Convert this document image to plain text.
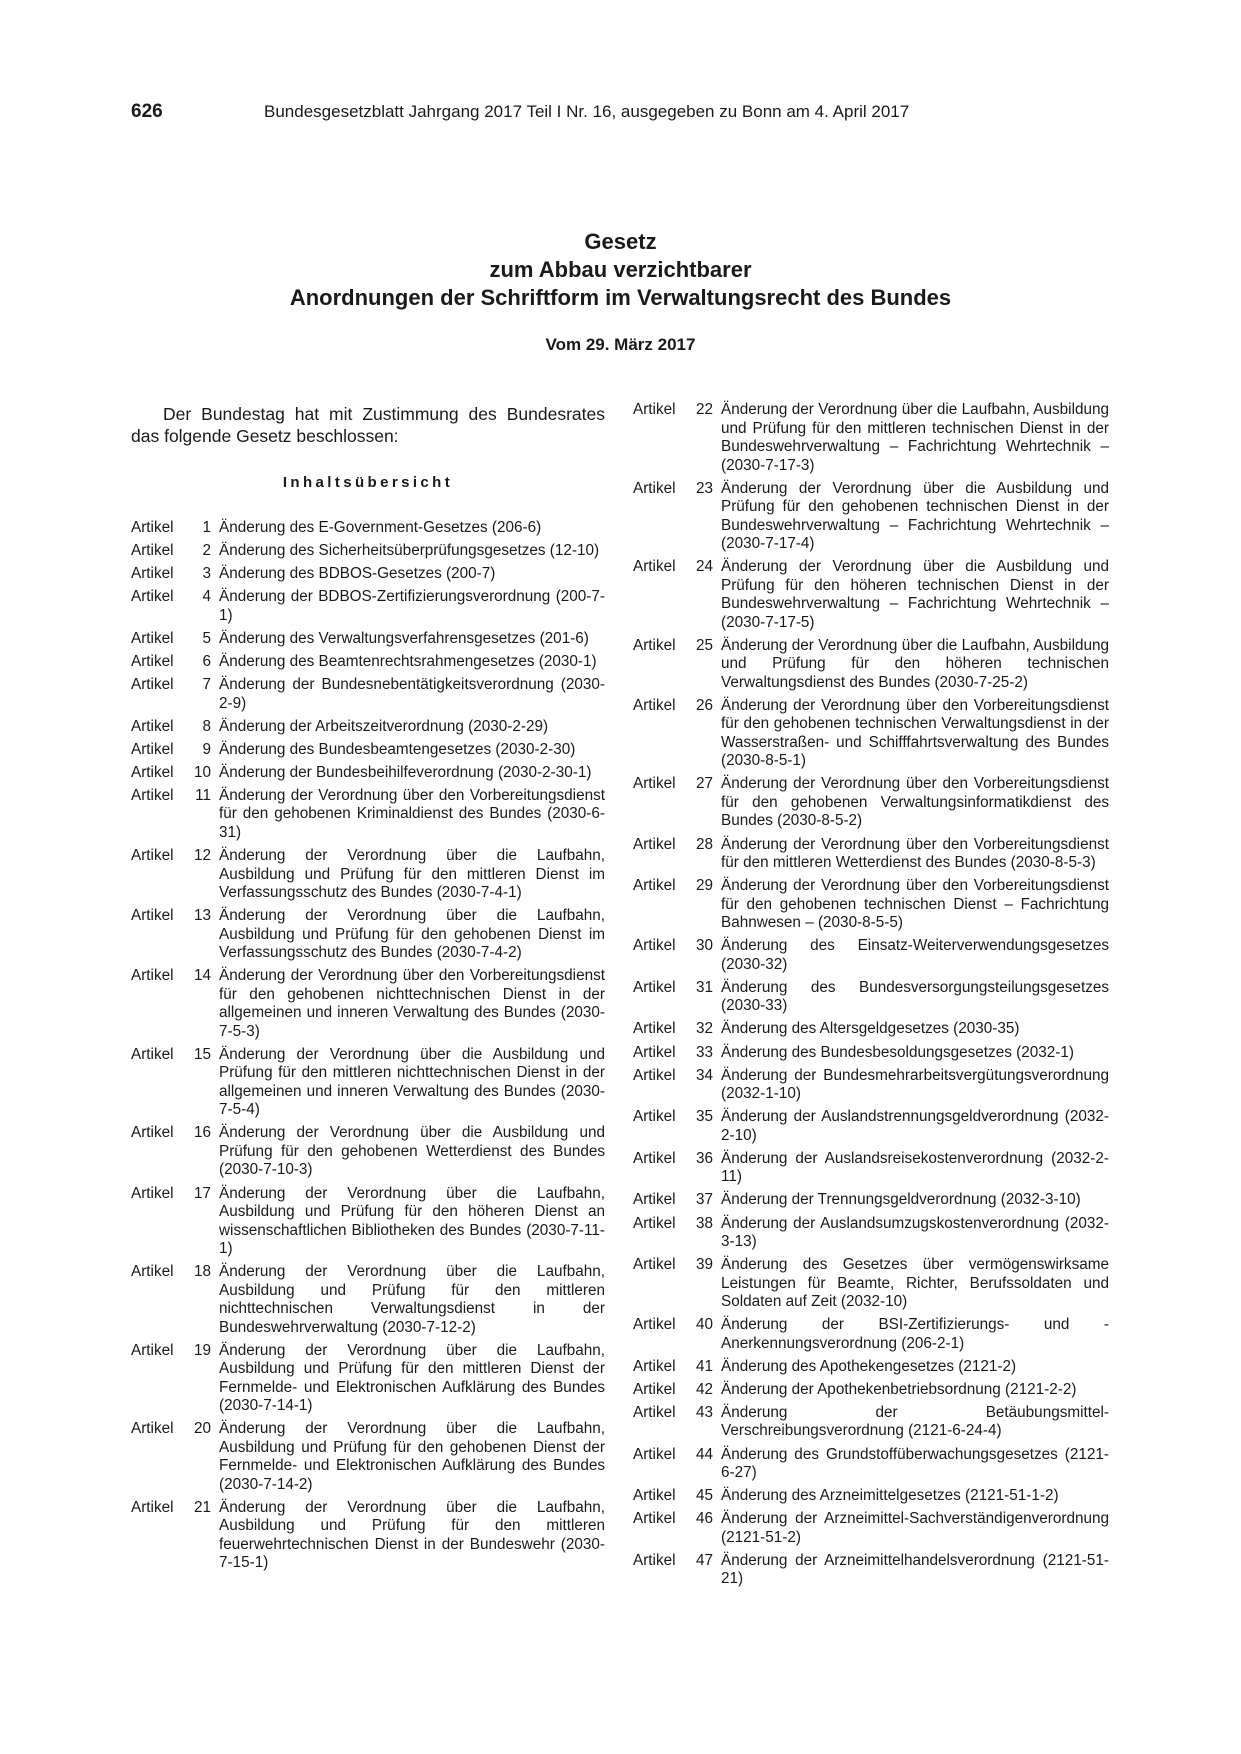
626	Bundesgesetzblatt Jahrgang 2017 Teil I Nr. 16, ausgegeben zu Bonn am 4. April 2017
Gesetz
zum Abbau verzichtbarer
Anordnungen der Schriftform im Verwaltungsrecht des Bundes
Vom 29. März 2017

Der Bundestag hat mit Zustimmung des Bundesrates das folgende Gesetz beschlossen:

Inhaltsübersicht
Artikel	1 Änderung des E-Government-Gesetzes (206-6)
Artikel	2 Änderung des Sicherheitsüberprüfungsgesetzes (12-10)
Artikel	3 Änderung des BDBOS-Gesetzes (200-7)
Artikel	4 Änderung der BDBOS-Zertifizierungsverordnung (200-7-1)
Artikel	5 Änderung des Verwaltungsverfahrensgesetzes (201-6)
Artikel	6 Änderung des Beamtenrechtsrahmengesetzes (2030-1)
Artikel	7 Änderung der Bundesnebentätigkeitsverordnung (2030-2-9)
Artikel	8 Änderung der Arbeitszeitverordnung (2030-2-29)
Artikel	9 Änderung des Bundesbeamtengesetzes (2030-2-30)
Artikel	10 Änderung der Bundesbeihilfeverordnung (2030-2-30-1)
Artikel	11 Änderung der Verordnung über den Vorbereitungsdienst für den gehobenen Kriminaldienst des Bundes (2030-6-31)
Artikel	12 Änderung der Verordnung über die Laufbahn, Ausbildung und Prüfung für den mittleren Dienst im Verfassungsschutz des Bundes (2030-7-4-1)
Artikel	13 Änderung der Verordnung über die Laufbahn, Ausbildung und Prüfung für den gehobenen Dienst im Verfassungsschutz des Bundes (2030-7-4-2)
Artikel	14 Änderung der Verordnung über den Vorbereitungsdienst für den gehobenen nichttechnischen Dienst in der allgemeinen und inneren Verwaltung des Bundes (2030-7-5-3)
Artikel	15 Änderung der Verordnung über die Ausbildung und Prüfung für den mittleren nichttechnischen Dienst in der allgemeinen und inneren Verwaltung des Bundes (2030-7-5-4)
Artikel	16 Änderung der Verordnung über die Ausbildung und Prüfung für den gehobenen Wetterdienst des Bundes (2030-7-10-3)
Artikel	17 Änderung der Verordnung über die Laufbahn, Ausbildung und Prüfung für den höheren Dienst an wissenschaftlichen Bibliotheken des Bundes (2030-7-11-1)
Artikel	18 Änderung der Verordnung über die Laufbahn, Ausbildung und Prüfung für den mittleren nichttechnischen Verwaltungsdienst in der Bundeswehrverwaltung (2030-7-12-2)
Artikel	19 Änderung der Verordnung über die Laufbahn, Ausbildung und Prüfung für den mittleren Dienst der Fernmelde- und Elektronischen Aufklärung des Bundes (2030-7-14-1)
Artikel	20 Änderung der Verordnung über die Laufbahn, Ausbildung und Prüfung für den gehobenen Dienst der Fernmelde- und Elektronischen Aufklärung des Bundes (2030-7-14-2)
Artikel	21 Änderung der Verordnung über die Laufbahn, Ausbildung und Prüfung für den mittleren feuerwehrtechnischen Dienst in der Bundeswehr (2030-7-15-1)
Artikel	22 Änderung der Verordnung über die Laufbahn, Ausbildung und Prüfung für den mittleren technischen Dienst in der Bundeswehrverwaltung – Fachrichtung Wehrtechnik – (2030-7-17-3)
Artikel	23 Änderung der Verordnung über die Ausbildung und Prüfung für den gehobenen technischen Dienst in der Bundeswehrverwaltung – Fachrichtung Wehrtechnik – (2030-7-17-4)
Artikel	24 Änderung der Verordnung über die Ausbildung und Prüfung für den höheren technischen Dienst in der Bundeswehrverwaltung – Fachrichtung Wehrtechnik – (2030-7-17-5)
Artikel	25 Änderung der Verordnung über die Laufbahn, Ausbildung und Prüfung für den höheren technischen Verwaltungsdienst des Bundes (2030-7-25-2)
Artikel	26 Änderung der Verordnung über den Vorbereitungsdienst für den gehobenen technischen Verwaltungsdienst in der Wasserstraßen- und Schifffahrtsverwaltung des Bundes (2030-8-5-1)
Artikel	27 Änderung der Verordnung über den Vorbereitungsdienst für den gehobenen Verwaltungsinformatikdienst des Bundes (2030-8-5-2)
Artikel	28 Änderung der Verordnung über den Vorbereitungsdienst für den mittleren Wetterdienst des Bundes (2030-8-5-3)
Artikel	29 Änderung der Verordnung über den Vorbereitungsdienst für den gehobenen technischen Dienst – Fachrichtung Bahnwesen – (2030-8-5-5)
Artikel	30 Änderung des Einsatz-Weiterverwendungsgesetzes (2030-32)
Artikel	31 Änderung des Bundesversorgungsteilungsgesetzes (2030-33)
Artikel	32 Änderung des Altersgeldgesetzes (2030-35)
Artikel	33 Änderung des Bundesbesoldungsgesetzes (2032-1)
Artikel	34 Änderung der Bundesmehrarbeitsvergütungsverordnung (2032-1-10)
Artikel	35 Änderung der Auslandstrennungsgeldverordnung (2032-2-10)
Artikel	36 Änderung der Auslandsreisekostenverordnung (2032-2-11)
Artikel	37 Änderung der Trennungsgeldverordnung (2032-3-10)
Artikel	38 Änderung der Auslandsumzugskostenverordnung (2032-3-13)
Artikel	39 Änderung des Gesetzes über vermögenswirksame Leistungen für Beamte, Richter, Berufssoldaten und Soldaten auf Zeit (2032-10)
Artikel	40 Änderung der BSI-Zertifizierungs- und -Anerkennungsverordnung (206-2-1)
Artikel	41 Änderung des Apothekengesetzes (2121-2)
Artikel	42 Änderung der Apothekenbetriebsordnung (2121-2-2)
Artikel	43 Änderung der Betäubungsmittel-Verschreibungsverordnung (2121-6-24-4)
Artikel	44 Änderung des Grundstoffüberwachungsgesetzes (2121-6-27)
Artikel	45 Änderung des Arzneimittelgesetzes (2121-51-1-2)
Artikel	46 Änderung der Arzneimittel-Sachverständigenverordnung (2121-51-2)
Artikel	47 Änderung der Arzneimittelhandelsverordnung (2121-51-21)
